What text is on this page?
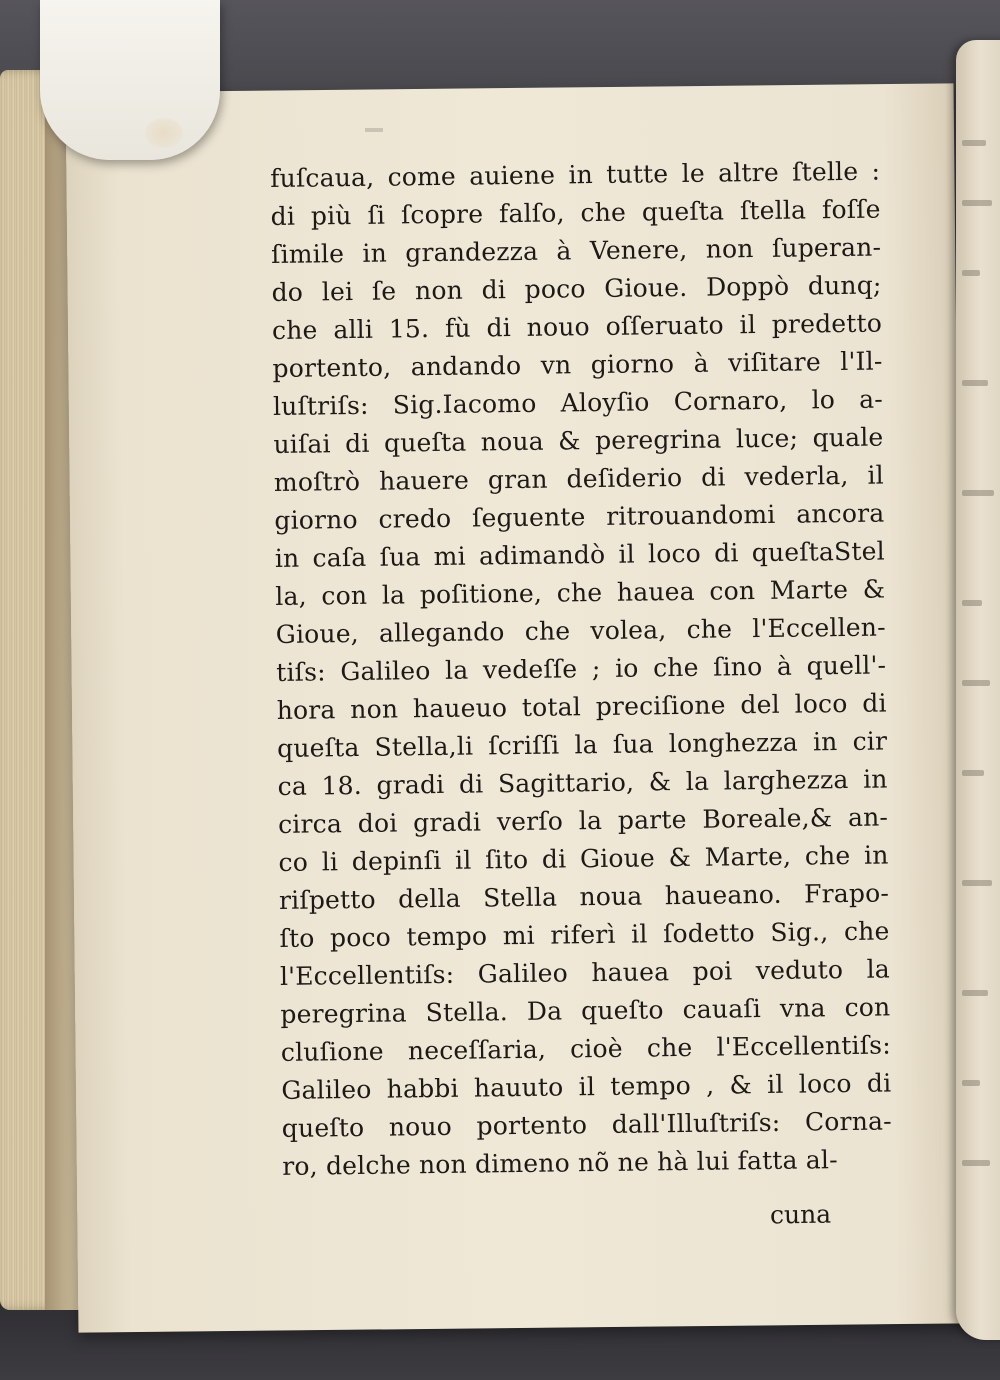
fuſcaua, come auiene in tutte le altre ſtelle :
di più ſi ſcopre falſo, che queſta ſtella foſſe
ſimile in grandezza à Venere, non ſuperan-
do lei ſe non di poco Gioue. Doppò dunq;
che alli 15. fù di nouo oſſeruato il predetto
portento, andando vn giorno à viſitare l'Il-
luſtriſs: Sig.Iacomo Aloyſio Cornaro, lo a-
uiſai di queſta noua & peregrina luce; quale
moſtrò hauere gran deſiderio di vederla, il
giorno credo ſeguente ritrouandomi ancora
in caſa ſua mi adimandò il loco di queſtaStel
la, con la poſitione, che hauea con Marte &
Gioue, allegando che volea, che l'Eccellen-
tiſs: Galileo la vedeſſe ; io che ſino à quell'-
hora non haueuo total preciſione del loco di
queſta Stella,li ſcriſſi la ſua longhezza in cir
ca 18. gradi di Sagittario, & la larghezza in
circa doi gradi verſo la parte Boreale,& an-
co li depinſi il ſito di Gioue & Marte, che in
riſpetto della Stella noua haueano. Frapo-
ſto poco tempo mi riferì il ſodetto Sig., che
l'Eccellentiſs: Galileo hauea poi veduto la
peregrina Stella. Da queſto cauaſi vna con
cluſione neceſſaria, cioè che l'Eccellentiſs:
Galileo habbi hauuto il tempo , & il loco di
queſto nouo portento dall'Illuſtriſs: Corna-
ro, delche non dimeno nõ ne hà lui fatta al-
cuna
